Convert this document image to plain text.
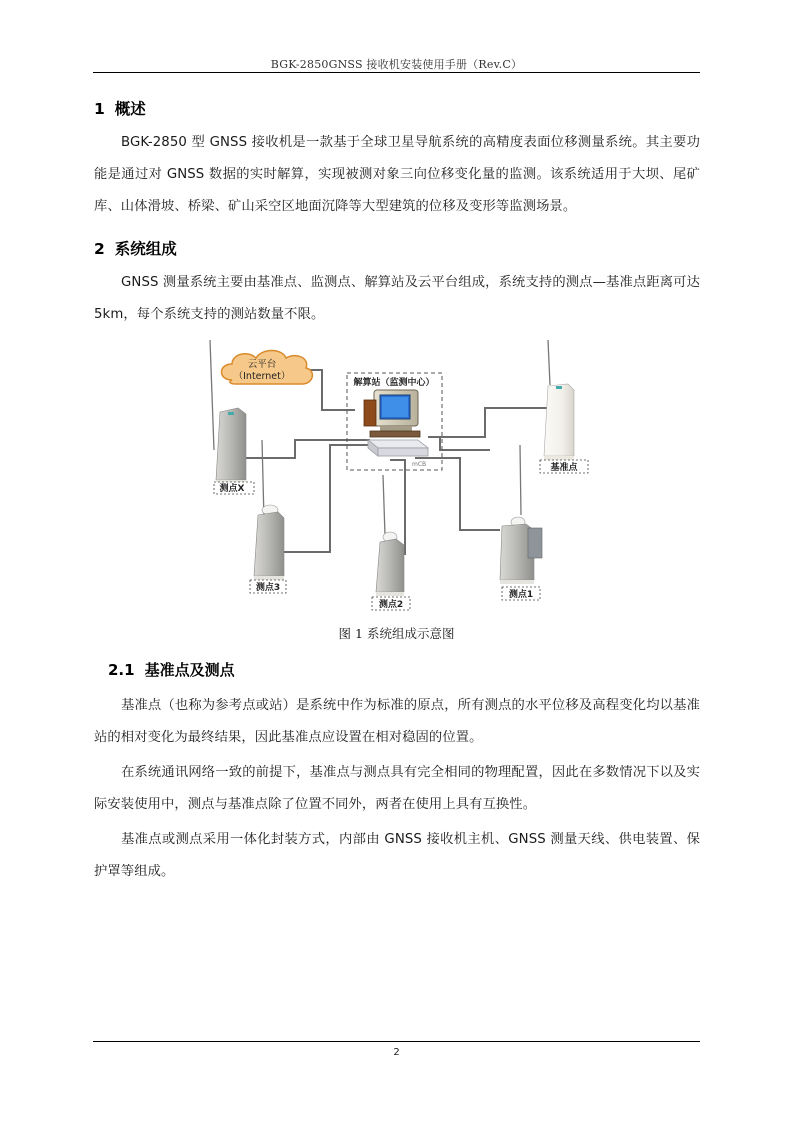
BGK-2850GNSS 接收机安装使用手册（Rev.C）
1 概述
BGK-2850 型 GNSS 接收机是一款基于全球卫星导航系统的高精度表面位移测量系统。其主要功能是通过对 GNSS 数据的实时解算，实现被测对象三向位移变化量的监测。该系统适用于大坝、尾矿库、山体滑坡、桥梁、矿山采空区地面沉降等大型建筑的位移及变形等监测场景。
2 系统组成
GNSS 测量系统主要由基准点、监测点、解算站及云平台组成，系统支持的测点—基准点距离可达 5km，每个系统支持的测站数量不限。
云平台
（Internet）
解算站（监测中心）
mCB
测点X
基准点
测点3
测点2
测点1
图 1 系统组成示意图
2.1 基准点及测点
基准点（也称为参考点或站）是系统中作为标准的原点，所有测点的水平位移及高程变化均以基准站的相对变化为最终结果，因此基准点应设置在相对稳固的位置。
在系统通讯网络一致的前提下，基准点与测点具有完全相同的物理配置，因此在多数情况下以及实际安装使用中，测点与基准点除了位置不同外，两者在使用上具有互换性。
基准点或测点采用一体化封装方式，内部由 GNSS 接收机主机、GNSS 测量天线、供电装置、保护罩等组成。
2
